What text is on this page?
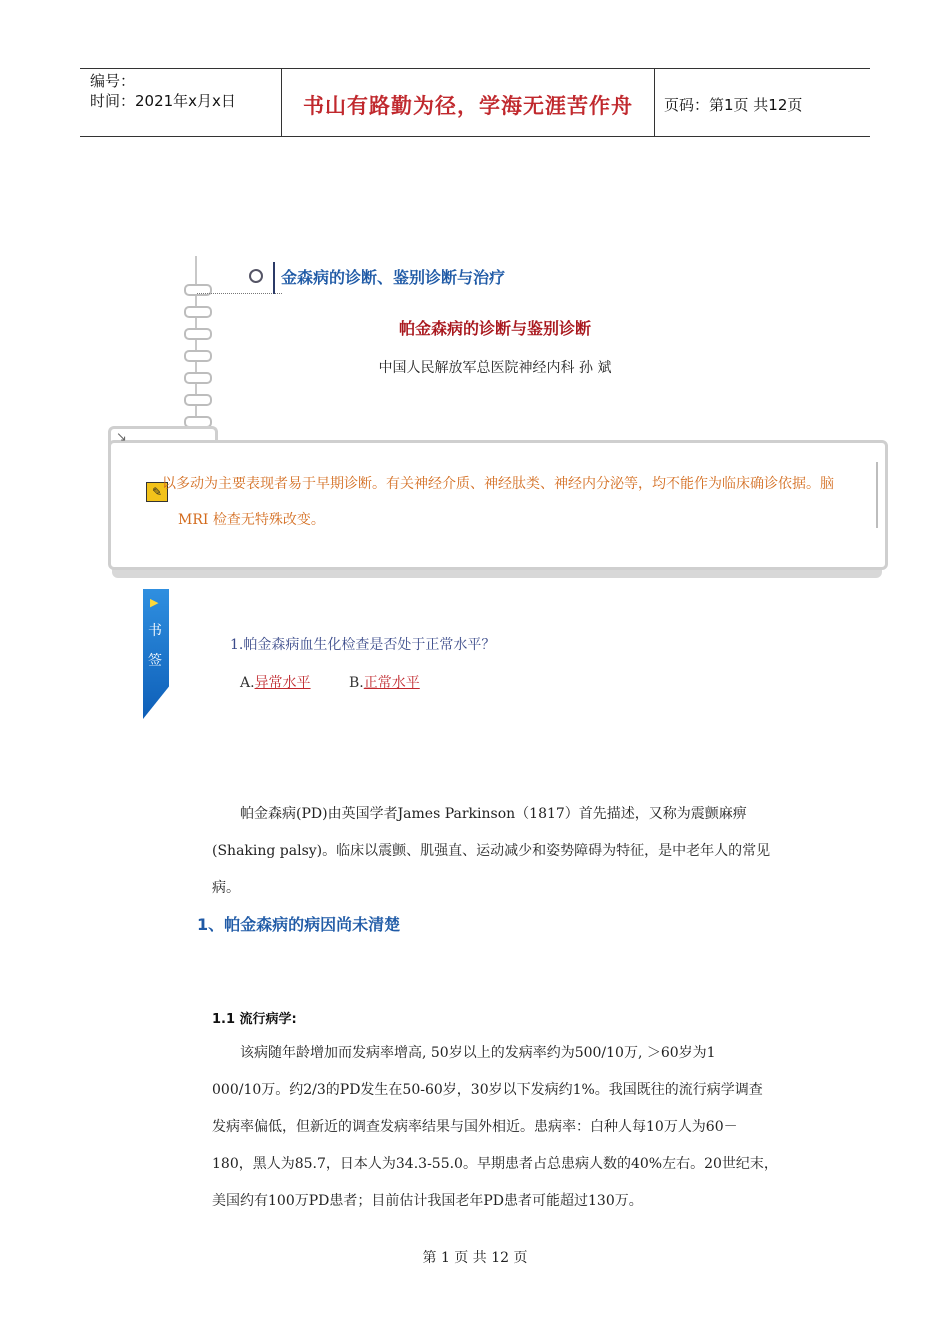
编号：
时间：2021年x月x日	书山有路勤为径，学海无涯苦作舟	页码：第1页 共12页
金森病的诊断、鉴别诊断与治疗
帕金森病的诊断与鉴别诊断
中国人民解放军总医院神经内科 孙 斌
↘
✎ 以多动为主要表现者易于早期诊断。有关神经介质、神经肽类、神经内分泌等，均不能作为临床确诊依据。脑
MRI 检查无特殊改变。
▶
书签
1.帕金森病血生化检查是否处于正常水平？
A.异常水平	B.正常水平
帕金森病(PD)由英国学者James Parkinson（1817）首先描述，又称为震颤麻痹
(Shaking palsy)。临床以震颤、肌强直、运动减少和姿势障碍为特征，是中老年人的常见
病。
1、帕金森病的病因尚未清楚
1.1 流行病学:
该病随年龄增加而发病率增高, 50岁以上的发病率约为500/10万, ＞60岁为1
000/10万。约2/3的PD发生在50-60岁，30岁以下发病约1%。我国既往的流行病学调查
发病率偏低，但新近的调查发病率结果与国外相近。患病率：白种人每10万人为60－
180，黑人为85.7，日本人为34.3-55.0。早期患者占总患病人数的40%左右。20世纪末，
美国约有100万PD患者；目前估计我国老年PD患者可能超过130万。
第 1 页 共 12 页
